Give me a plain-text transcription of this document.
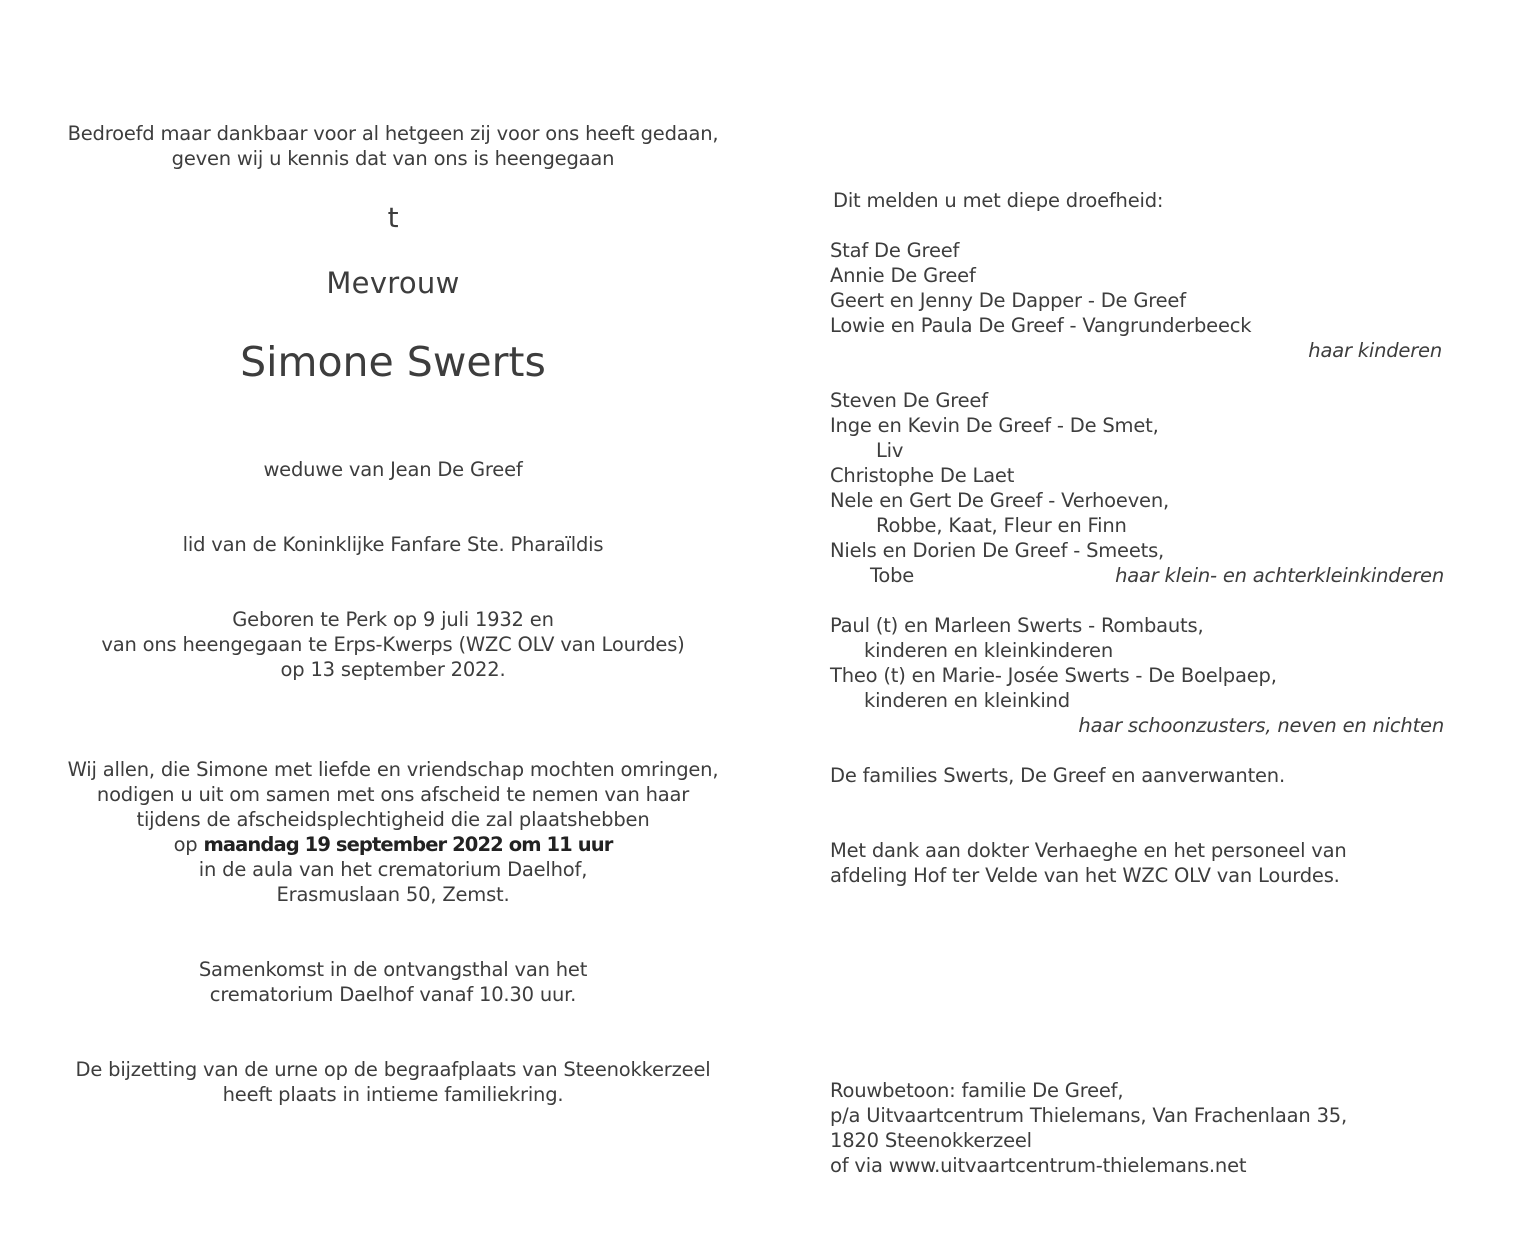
Bedroefd maar dankbaar voor al hetgeen zij voor ons heeft gedaan,
geven wij u kennis dat van ons is heengegaan
t
Mevrouw
Simone Swerts
weduwe van Jean De Greef
lid van de Koninklijke Fanfare Ste. Pharaïldis
Geboren te Perk op 9 juli 1932 en
van ons heengegaan te Erps-Kwerps (WZC OLV van Lourdes)
op 13 september 2022.
Wij allen, die Simone met liefde en vriendschap mochten omringen,
nodigen u uit om samen met ons afscheid te nemen van haar
tijdens de afscheidsplechtigheid die zal plaatshebben
op maandag 19 september 2022 om 11 uur
in de aula van het crematorium Daelhof,
Erasmuslaan 50, Zemst.
Samenkomst in de ontvangsthal van het
crematorium Daelhof vanaf 10.30 uur.
De bijzetting van de urne op de begraafplaats van Steenokkerzeel
heeft plaats in intieme familiekring.
Dit melden u met diepe droefheid:
Staf De Greef
Annie De Greef
Geert en Jenny De Dapper - De Greef
Lowie en Paula De Greef - Vangrunderbeeck
haar kinderen
Steven De Greef
Inge en Kevin De Greef - De Smet,
Liv
Christophe De Laet
Nele en Gert De Greef - Verhoeven,
Robbe, Kaat, Fleur en Finn
Niels en Dorien De Greef - Smeets,
Tobe	haar klein- en achterkleinkinderen
Paul (t) en Marleen Swerts - Rombauts,
kinderen en kleinkinderen
Theo (t) en Marie- Josée Swerts - De Boelpaep,
kinderen en kleinkind
haar schoonzusters, neven en nichten
De families Swerts, De Greef en aanverwanten.
Met dank aan dokter Verhaeghe en het personeel van
afdeling Hof ter Velde van het WZC OLV van Lourdes.
Rouwbetoon: familie De Greef,
p/a Uitvaartcentrum Thielemans, Van Frachenlaan 35,
1820 Steenokkerzeel
of via www.uitvaartcentrum-thielemans.net
